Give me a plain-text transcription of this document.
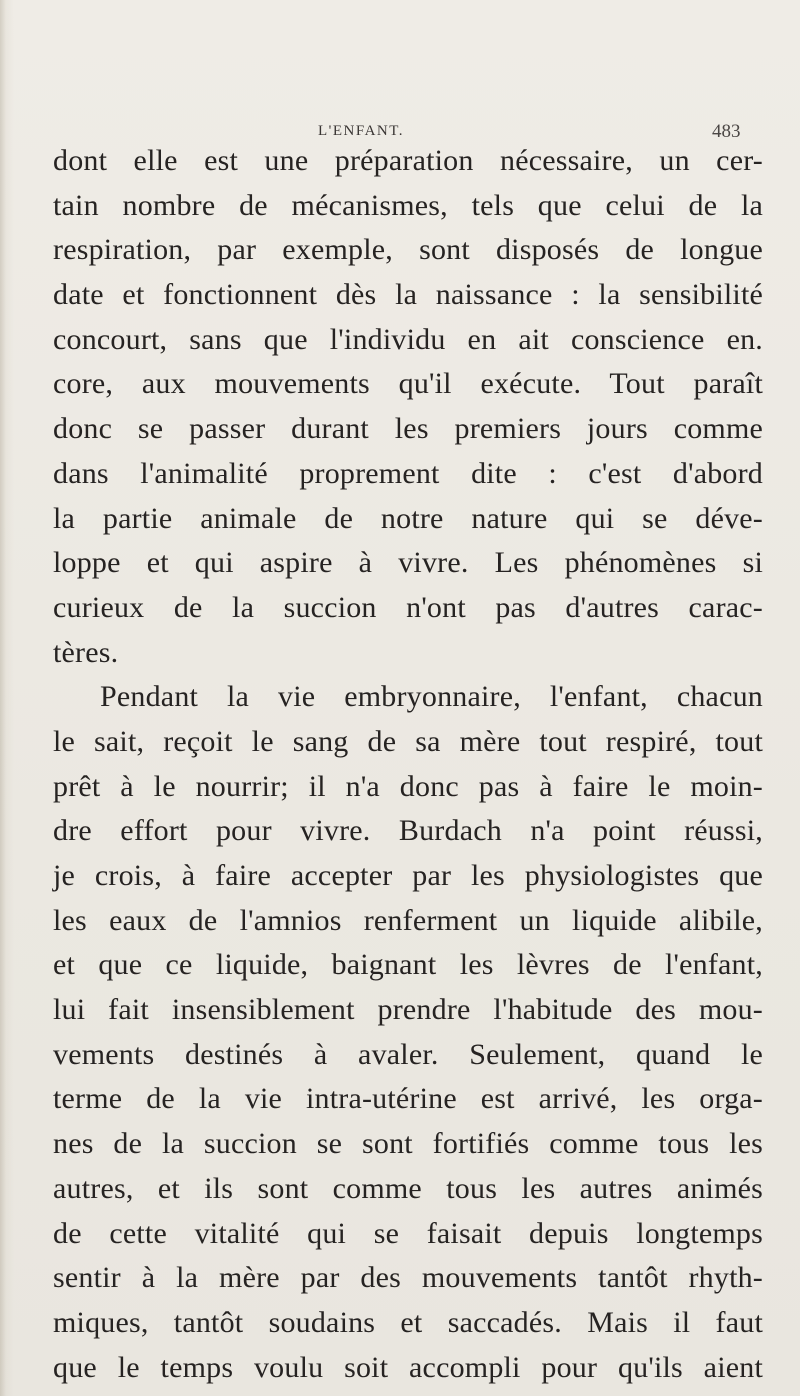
L'ENFANT.	483
dont elle est une préparation nécessaire, un cer-
tain nombre de mécanismes, tels que celui de la
respiration, par exemple, sont disposés de longue
date et fonctionnent dès la naissance : la sensibilité
concourt, sans que l'individu en ait conscience en.
core, aux mouvements qu'il exécute. Tout paraît
donc se passer durant les premiers jours comme
dans l'animalité proprement dite : c'est d'abord
la partie animale de notre nature qui se déve-
loppe et qui aspire à vivre. Les phénomènes si
curieux de la succion n'ont pas d'autres carac-
tères.
Pendant la vie embryonnaire, l'enfant, chacun
le sait, reçoit le sang de sa mère tout respiré, tout
prêt à le nourrir; il n'a donc pas à faire le moin-
dre effort pour vivre. Burdach n'a point réussi,
je crois, à faire accepter par les physiologistes que
les eaux de l'amnios renferment un liquide alibile,
et que ce liquide, baignant les lèvres de l'enfant,
lui fait insensiblement prendre l'habitude des mou-
vements destinés à avaler. Seulement, quand le
terme de la vie intra-utérine est arrivé, les orga-
nes de la succion se sont fortifiés comme tous les
autres, et ils sont comme tous les autres animés
de cette vitalité qui se faisait depuis longtemps
sentir à la mère par des mouvements tantôt rhyth-
miques, tantôt soudains et saccadés. Mais il faut
que le temps voulu soit accompli pour qu'ils aient
